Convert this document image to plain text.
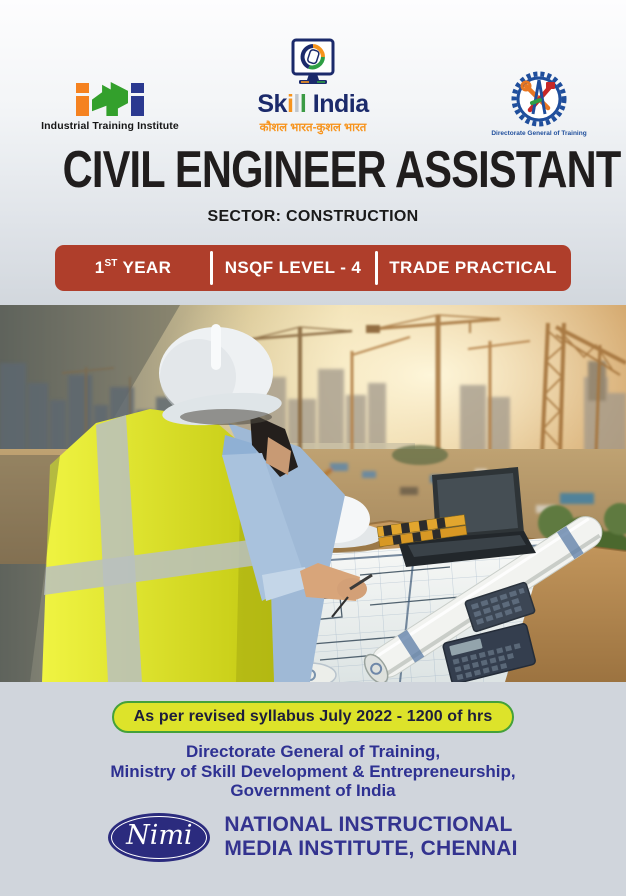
Industrial Training Institute
Skill India
कौशल भारत-कुशल भारत	Directorate General of Training
CIVIL ENGINEER ASSISTANT
SECTOR: CONSTRUCTION
1ST YEAR	NSQF LEVEL - 4	TRADE PRACTICAL
As per revised syllabus July 2022 - 1200 of hrs
Directorate General of Training,
Ministry of Skill Development & Entrepreneurship,
Government of India
Nimi NATIONAL INSTRUCTIONAL
MEDIA INSTITUTE, CHENNAI
